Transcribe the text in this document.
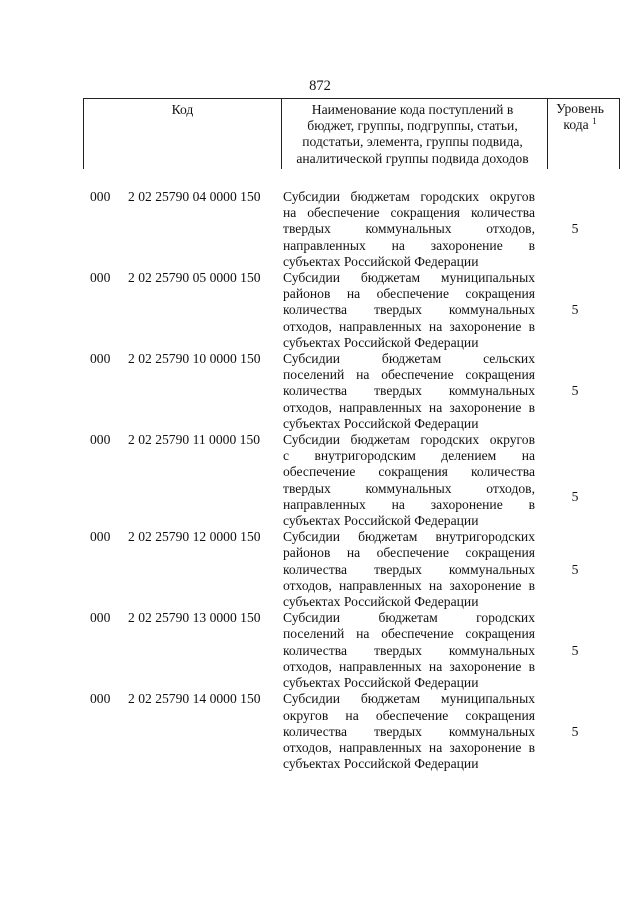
872
Код	Наименование кода поступлений в
бюджет, группы, подгруппы, статьи,
подстатьи, элемента, группы подвида,
аналитической группы подвида доходов
Уровень
кода $^1$
000	2 02 25790 04 0000 150	Субсидии бюджетам городских округов
на обеспечение сокращения количества
твердых коммунальных отходов,
направленных на захоронение в
субъектах Российской Федерации
5
000	2 02 25790 05 0000 150	Субсидии бюджетам муниципальных
районов на обеспечение сокращения
количества твердых коммунальных
отходов, направленных на захоронение в
субъектах Российской Федерации
5
000	2 02 25790 10 0000 150	Субсидии бюджетам сельских
поселений на обеспечение сокращения
количества твердых коммунальных
отходов, направленных на захоронение в
субъектах Российской Федерации
5
000	2 02 25790 11 0000 150	Субсидии бюджетам городских округов
с внутригородским делением на
обеспечение сокращения количества
твердых коммунальных отходов,
направленных на захоронение в
субъектах Российской Федерации
5
000	2 02 25790 12 0000 150	Субсидии бюджетам внутригородских
районов на обеспечение сокращения
количества твердых коммунальных
отходов, направленных на захоронение в
субъектах Российской Федерации
5
000	2 02 25790 13 0000 150	Субсидии бюджетам городских
поселений на обеспечение сокращения
количества твердых коммунальных
отходов, направленных на захоронение в
субъектах Российской Федерации
5
000	2 02 25790 14 0000 150	Субсидии бюджетам муниципальных
округов на обеспечение сокращения
количества твердых коммунальных
отходов, направленных на захоронение в
субъектах Российской Федерации
5
